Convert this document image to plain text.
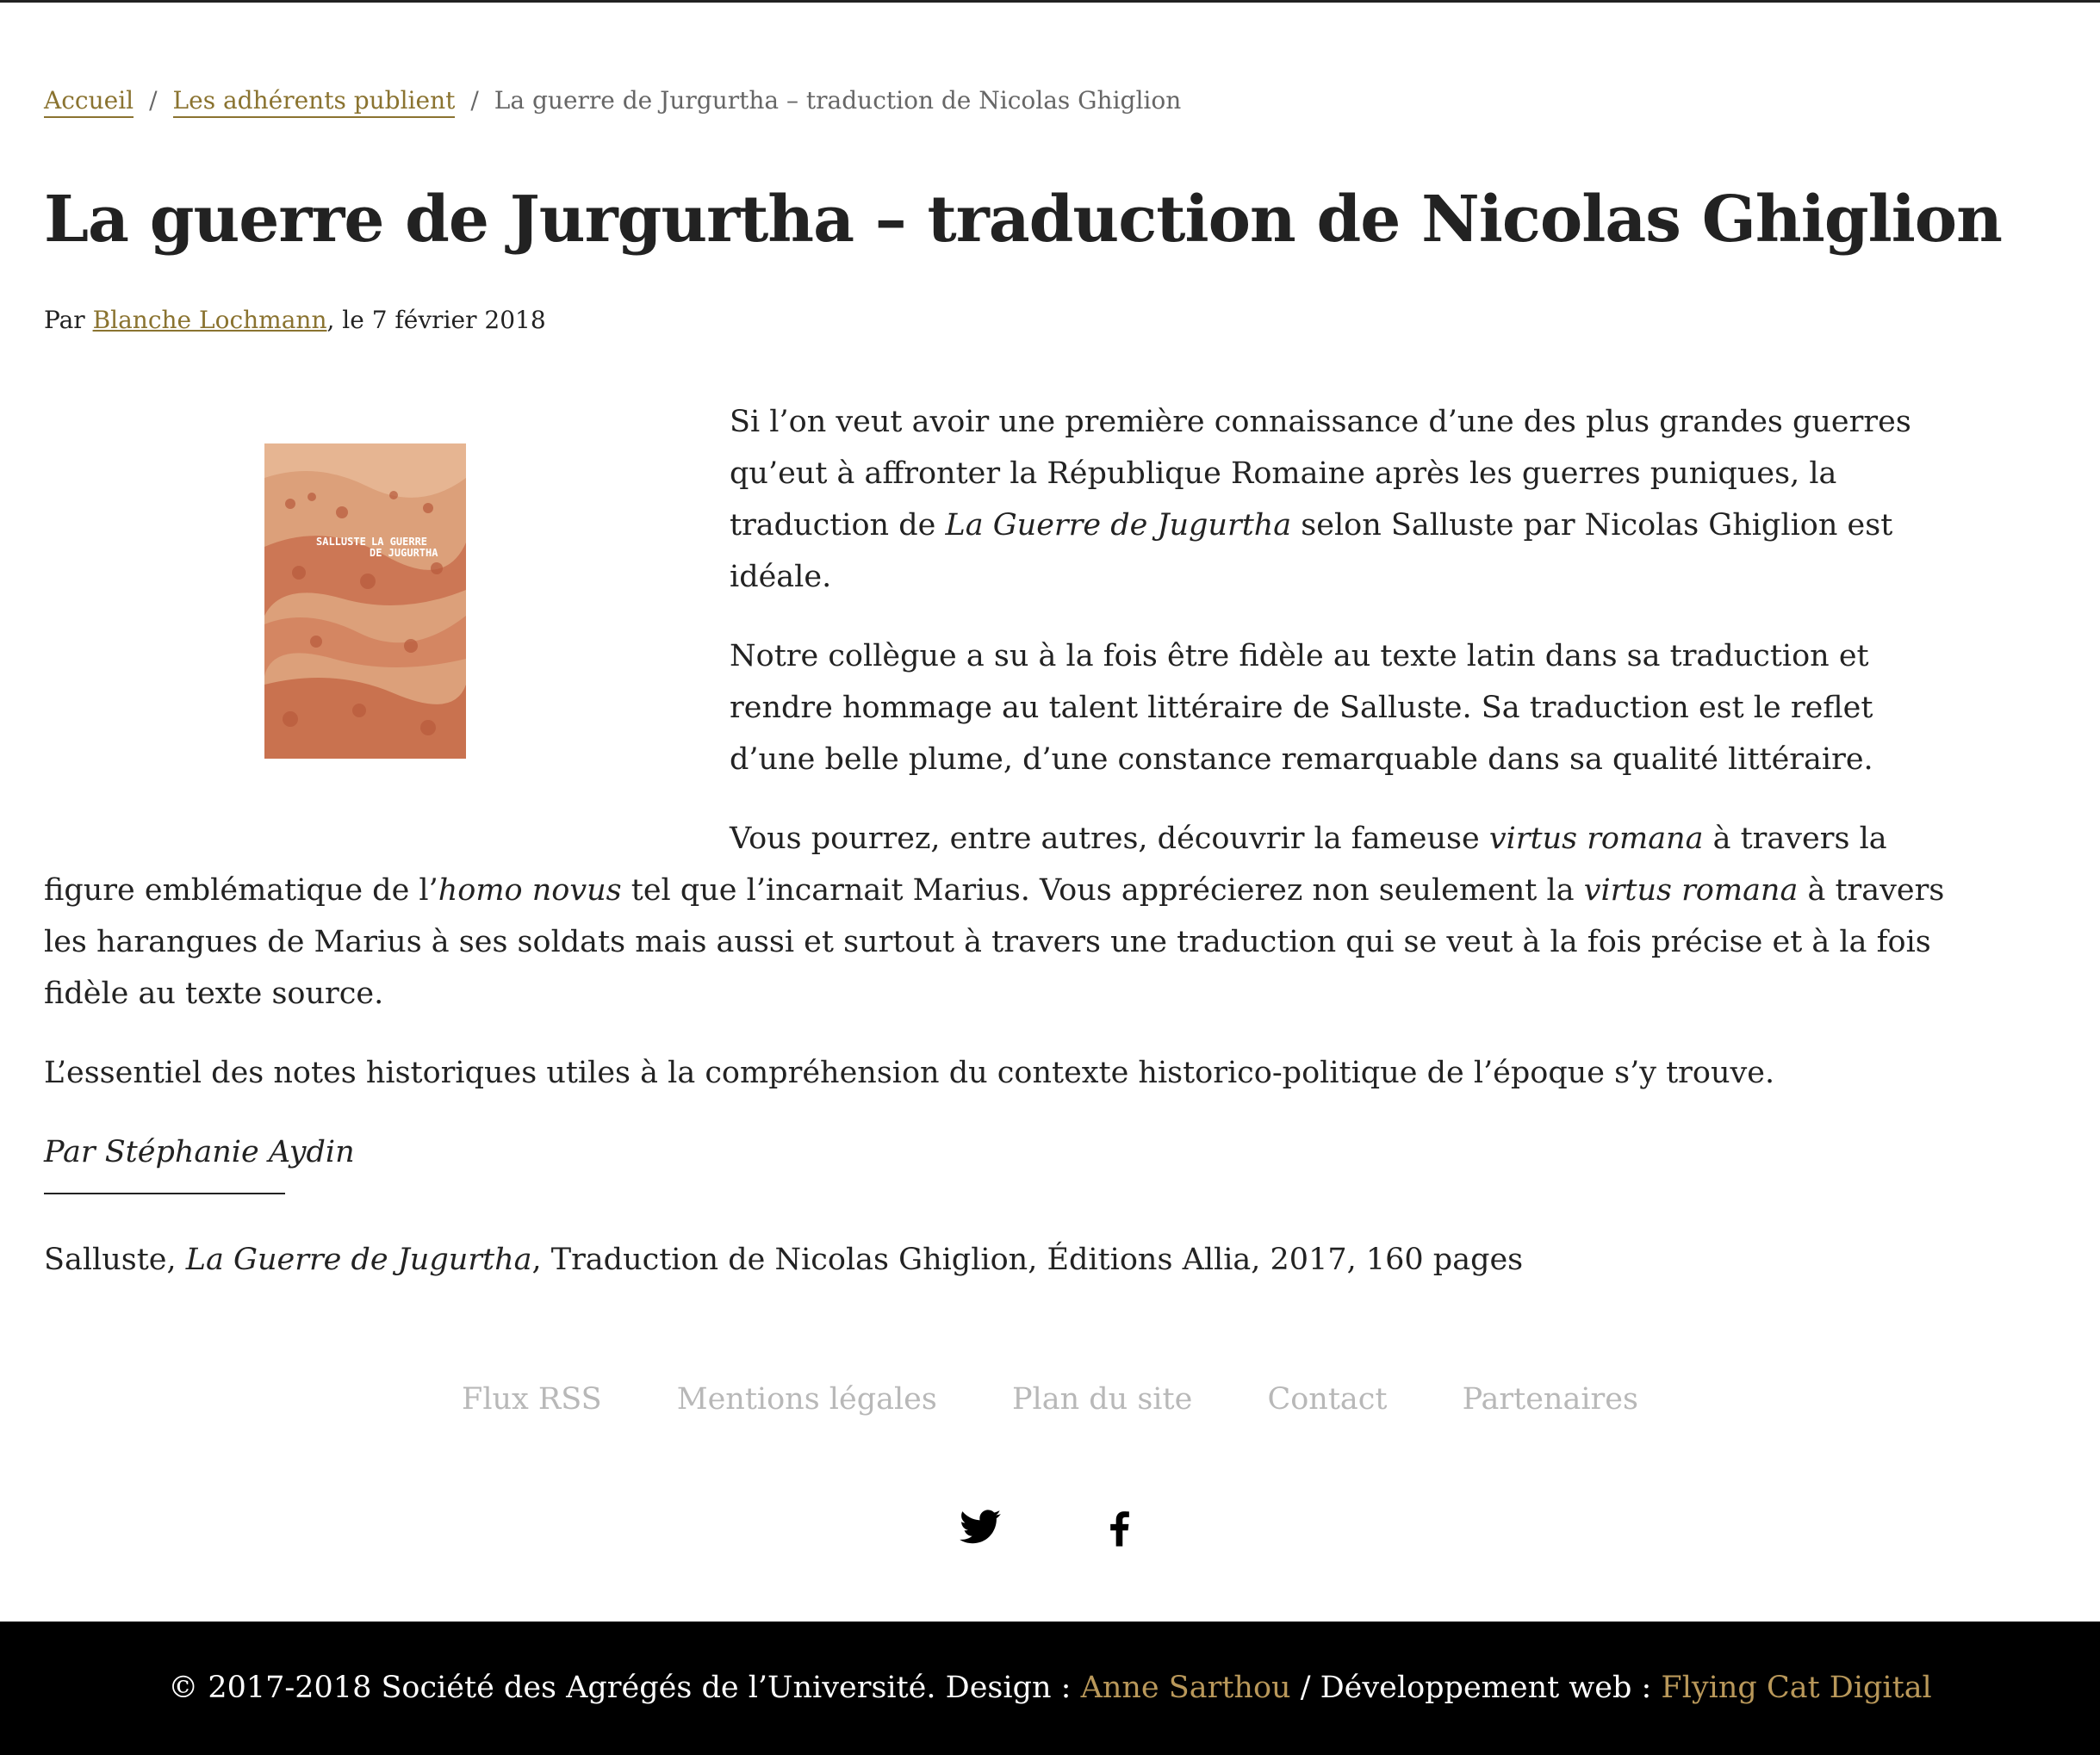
Accueil / Les adhérents publient / La guerre de Jurgurtha – traduction de Nicolas Ghiglion
La guerre de Jurgurtha – traduction de Nicolas Ghiglion
Par Blanche Lochmann, le 7 février 2018

Si l’on veut avoir une première connaissance d’une des plus grandes guerres qu’eut à affronter la République Romaine après les guerres puniques, la traduction de La Guerre de Jugurtha selon Salluste par Nicolas Ghiglion est idéale.

Notre collègue a su à la fois être fidèle au texte latin dans sa traduction et rendre hommage au talent littéraire de Salluste. Sa traduction est le reflet d’une belle plume, d’une constance remarquable dans sa qualité littéraire.

Vous pourrez, entre autres, découvrir la fameuse virtus romana à travers la figure emblématique de l’homo novus tel que l’incarnait Marius. Vous apprécierez non seulement la virtus romana à travers les harangues de Marius à ses soldats mais aussi et surtout à travers une traduction qui se veut à la fois précise et à la fois fidèle au texte source.

L’essentiel des notes historiques utiles à la compréhension du contexte historico-politique de l’époque s’y trouve.

Par Stéphanie Aydin

SALLUSTE LA GUERRE
DE JUGURTHA
Salluste, La Guerre de Jugurtha, Traduction de Nicolas Ghiglion, Éditions Allia, 2017, 160 pages
Flux RSS Mentions légales Plan du site Contact Partenaires

© 2017-2018 Société des Agrégés de l’Université. Design : Anne Sarthou / Développement web : Flying Cat Digital
